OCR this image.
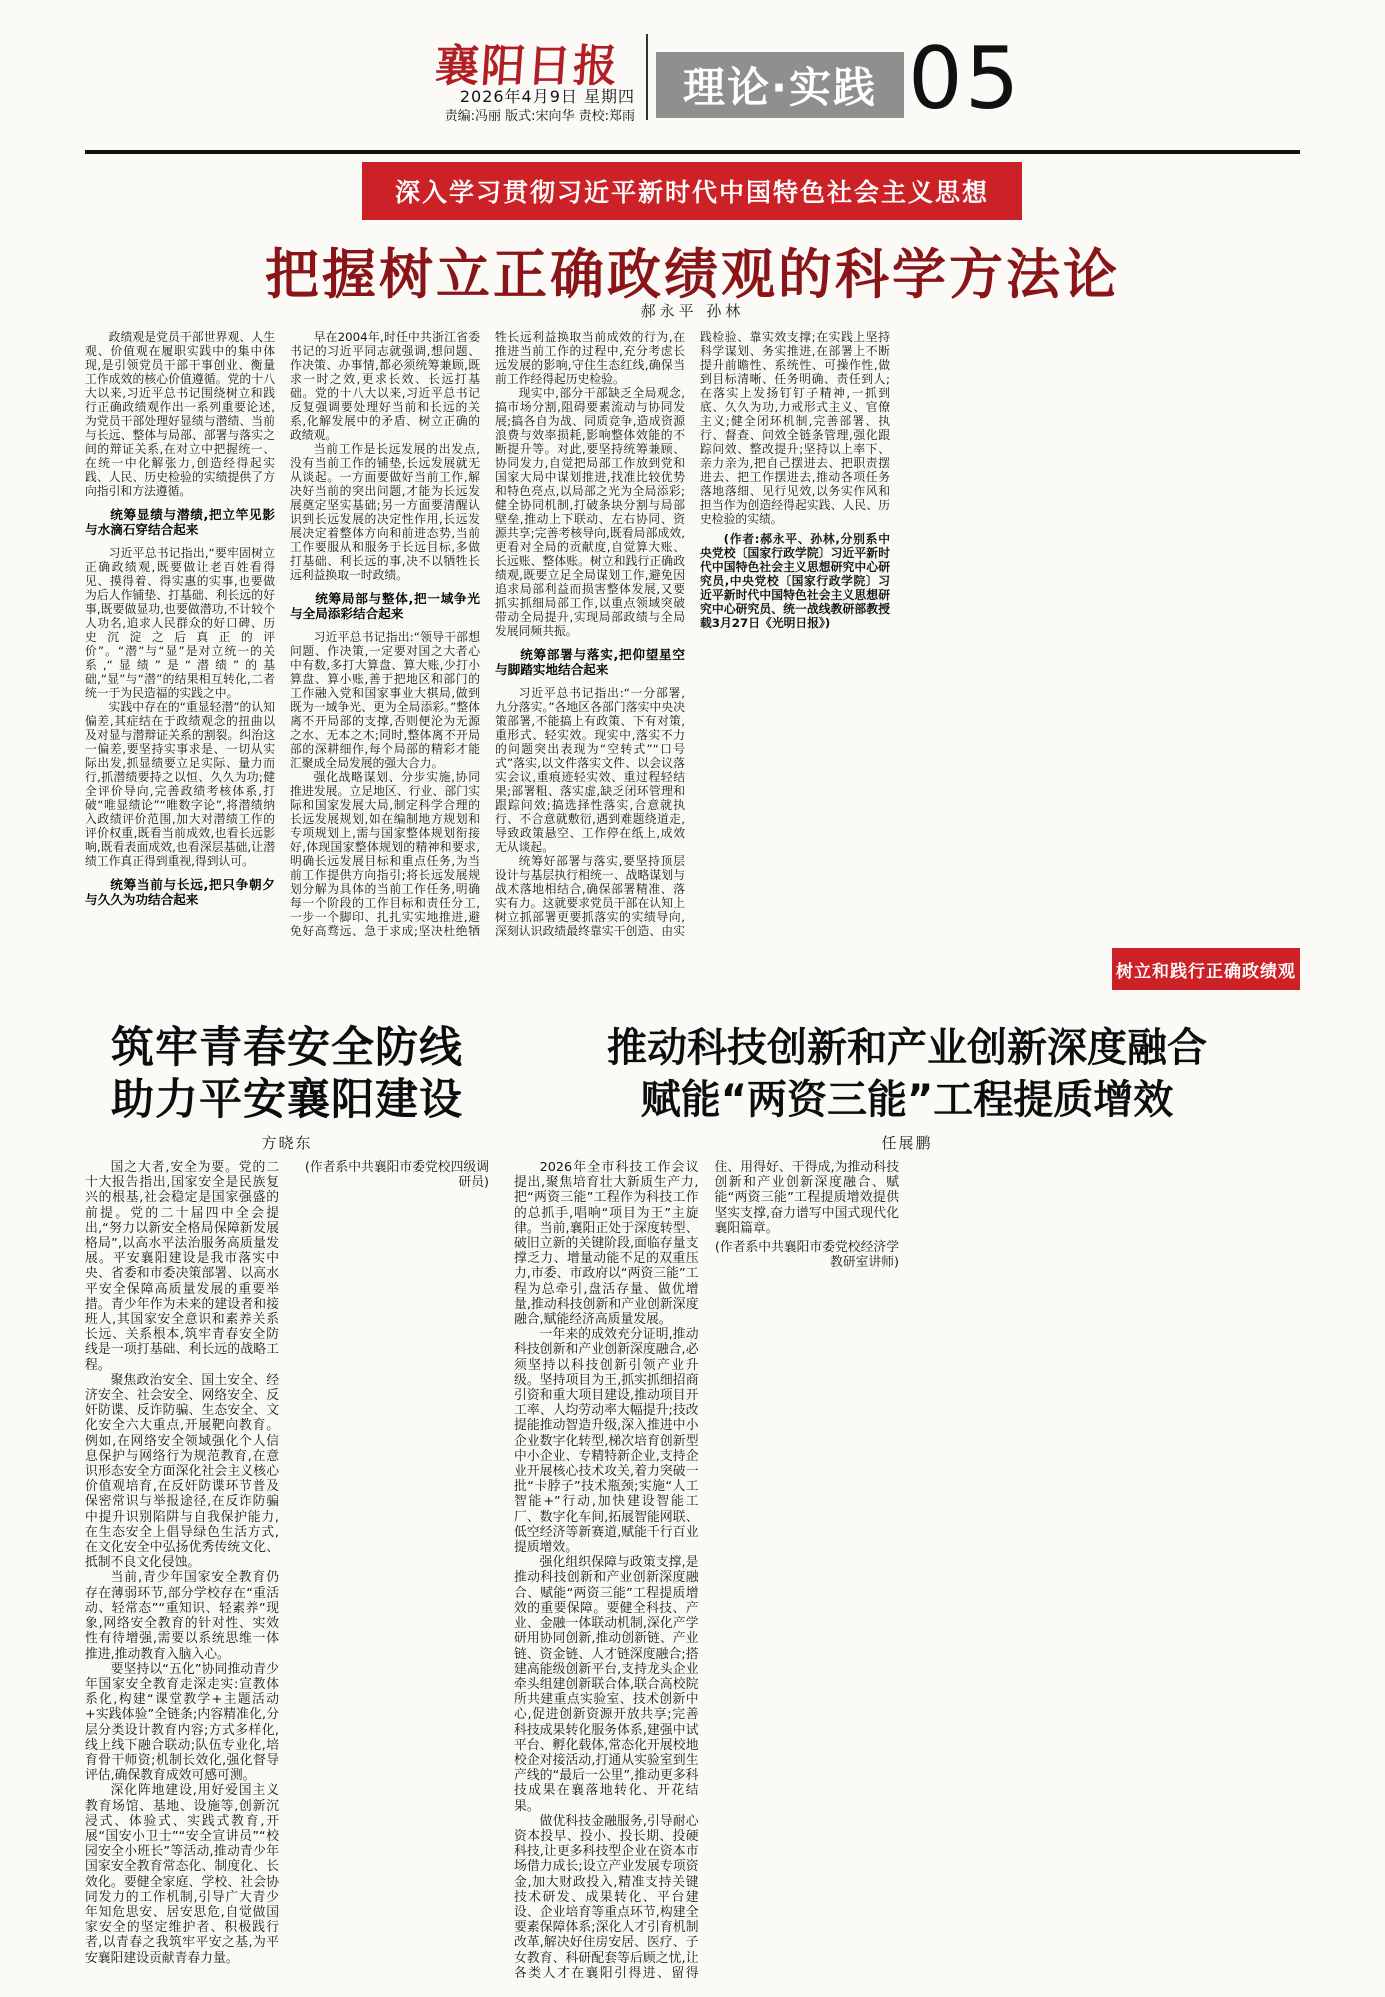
襄阳日报
2026年4月9日 星期四
责编:冯丽 版式:宋向华 责校:郑雨
理论·实践 05
深入学习贯彻习近平新时代中国特色社会主义思想
把握树立正确政绩观的科学方法论
郝永平 孙林

政绩观是党员干部世界观、人生观、价值观在履职实践中的集中体现,是引领党员干部干事创业、衡量工作成效的核心价值遵循。党的十八大以来,习近平总书记围绕树立和践行正确政绩观作出一系列重要论述,为党员干部处理好显绩与潜绩、当前与长远、整体与局部、部署与落实之间的辩证关系,在对立中把握统一、在统一中化解张力,创造经得起实践、人民、历史检验的实绩提供了方向指引和方法遵循。

统筹显绩与潜绩,把立竿见影与水滴石穿结合起来

习近平总书记指出,“要牢固树立正确政绩观,既要做让老百姓看得见、摸得着、得实惠的实事,也要做为后人作铺垫、打基础、利长远的好事,既要做显功,也要做潜功,不计较个人功名,追求人民群众的好口碑、历史沉淀之后真正的评价”。“潜”与“显”是对立统一的关系,“显绩”是“潜绩”的基础,“显”与“潜”的结果相互转化,二者统一于为民造福的实践之中。

实践中存在的“重显轻潜”的认知偏差,其症结在于政绩观念的扭曲以及对显与潜辩证关系的割裂。纠治这一偏差,要坚持实事求是、一切从实际出发,抓显绩要立足实际、量力而行,抓潜绩要持之以恒、久久为功;健全评价导向,完善政绩考核体系,打破“唯显绩论”“唯数字论”,将潜绩纳入政绩评价范围,加大对潜绩工作的评价权重,既看当前成效,也看长远影响,既看表面成效,也看深层基础,让潜绩工作真正得到重视,得到认可。

统筹当前与长远,把只争朝夕与久久为功结合起来

早在2004年,时任中共浙江省委书记的习近平同志就强调,想问题、作决策、办事情,都必须统筹兼顾,既求一时之效,更求长效、长远打基础。党的十八大以来,习近平总书记反复强调要处理好当前和长远的关系,化解发展中的矛盾、树立正确的政绩观。

当前工作是长远发展的出发点,没有当前工作的铺垫,长远发展就无从谈起。一方面要做好当前工作,解决好当前的突出问题,才能为长远发展奠定坚实基础;另一方面要清醒认识到长远发展的决定性作用,长远发展决定着整体方向和前进态势,当前工作要服从和服务于长远目标,多做打基础、利长远的事,决不以牺牲长远利益换取一时政绩。

统筹局部与整体,把一域争光与全局添彩结合起来

习近平总书记指出:“领导干部想问题、作决策,一定要对国之大者心中有数,多打大算盘、算大账,少打小算盘、算小账,善于把地区和部门的工作融入党和国家事业大棋局,做到既为一域争光、更为全局添彩。”整体离不开局部的支撑,否则便沦为无源之水、无本之木;同时,整体离不开局部的深耕细作,每个局部的精彩才能汇聚成全局发展的强大合力。

强化战略谋划、分步实施,协同推进发展。立足地区、行业、部门实际和国家发展大局,制定科学合理的长远发展规划,如在编制地方规划和专项规划上,需与国家整体规划衔接好,体现国家整体规划的精神和要求,明确长远发展目标和重点任务,为当前工作提供方向指引;将长远发展规划分解为具体的当前工作任务,明确每一个阶段的工作目标和责任分工,一步一个脚印、扎扎实实地推进,避免好高骛远、急于求成;坚决杜绝牺牲长远利益换取当前成效的行为,在推进当前工作的过程中,充分考虑长远发展的影响,守住生态红线,确保当前工作经得起历史检验。

现实中,部分干部缺乏全局观念,搞市场分割,阻碍要素流动与协同发展;搞各自为战、同质竞争,造成资源浪费与效率损耗,影响整体效能的不断提升等。对此,要坚持统筹兼顾、协同发力,自觉把局部工作放到党和国家大局中谋划推进,找准比较优势和特色亮点,以局部之光为全局添彩;健全协同机制,打破条块分割与局部壁垒,推动上下联动、左右协同、资源共享;完善考核导向,既看局部成效,更看对全局的贡献度,自觉算大账、长远账、整体账。树立和践行正确政绩观,既要立足全局谋划工作,避免因追求局部利益而损害整体发展,又要抓实抓细局部工作,以重点领域突破带动全局提升,实现局部政绩与全局发展同频共振。

统筹部署与落实,把仰望星空与脚踏实地结合起来

习近平总书记指出:“一分部署,九分落实。”各地区各部门落实中央决策部署,不能搞上有政策、下有对策,重形式、轻实效。现实中,落实不力的问题突出表现为“空转式”“口号式”落实,以文件落实文件、以会议落实会议,重痕迹轻实效、重过程轻结果;部署粗、落实虚,缺乏闭环管理和跟踪问效;搞选择性落实,合意就执行、不合意就敷衍,遇到难题绕道走,导致政策悬空、工作停在纸上,成效无从谈起。

统筹好部署与落实,要坚持顶层设计与基层执行相统一、战略谋划与战术落地相结合,确保部署精准、落实有力。这就要求党员干部在认知上树立抓部署更要抓落实的实绩导向,深刻认识政绩最终靠实干创造、由实践检验、靠实效支撑;在实践上坚持科学谋划、务实推进,在部署上不断提升前瞻性、系统性、可操作性,做到目标清晰、任务明确、责任到人;在落实上发扬钉钉子精神,一抓到底、久久为功,力戒形式主义、官僚主义;健全闭环机制,完善部署、执行、督查、问效全链条管理,强化跟踪问效、整改提升;坚持以上率下、亲力亲为,把自己摆进去、把职责摆进去、把工作摆进去,推动各项任务落地落细、见行见效,以务实作风和担当作为创造经得起实践、人民、历史检验的实绩。

(作者:郝永平、孙林,分别系中央党校〔国家行政学院〕习近平新时代中国特色社会主义思想研究中心研究员,中央党校〔国家行政学院〕习近平新时代中国特色社会主义思想研究中心研究员、统一战线教研部教授 载3月27日《光明日报》)

树立和践行正确政绩观
筑牢青春安全防线
助力平安襄阳建设
方晓东

国之大者,安全为要。党的二十大报告指出,国家安全是民族复兴的根基,社会稳定是国家强盛的前提。党的二十届四中全会提出,“努力以新安全格局保障新发展格局”,以高水平法治服务高质量发展。平安襄阳建设是我市落实中央、省委和市委决策部署、以高水平安全保障高质量发展的重要举措。青少年作为未来的建设者和接班人,其国家安全意识和素养关系长远、关系根本,筑牢青春安全防线是一项打基础、利长远的战略工程。

聚焦政治安全、国土安全、经济安全、社会安全、网络安全、反奸防谍、反诈防骗、生态安全、文化安全六大重点,开展靶向教育。例如,在网络安全领域强化个人信息保护与网络行为规范教育,在意识形态安全方面深化社会主义核心价值观培育,在反奸防谍环节普及保密常识与举报途径,在反诈防骗中提升识别陷阱与自我保护能力,在生态安全上倡导绿色生活方式,在文化安全中弘扬优秀传统文化、抵制不良文化侵蚀。

当前,青少年国家安全教育仍存在薄弱环节,部分学校存在“重活动、轻常态”“重知识、轻素养”现象,网络安全教育的针对性、实效性有待增强,需要以系统思维一体推进,推动教育入脑入心。

要坚持以“五化”协同推动青少年国家安全教育走深走实:宣教体系化,构建“课堂教学+主题活动+实践体验”全链条;内容精准化,分层分类设计教育内容;方式多样化,线上线下融合联动;队伍专业化,培育骨干师资;机制长效化,强化督导评估,确保教育成效可感可测。

深化阵地建设,用好爱国主义教育场馆、基地、设施等,创新沉浸式、体验式、实践式教育,开展“国安小卫士”“安全宣讲员”“校园安全小班长”等活动,推动青少年国家安全教育常态化、制度化、长效化。要健全家庭、学校、社会协同发力的工作机制,引导广大青少年知危思安、居安思危,自觉做国家安全的坚定维护者、积极践行者,以青春之我筑牢平安之基,为平安襄阳建设贡献青春力量。

(作者系中共襄阳市委党校四级调研员)

推动科技创新和产业创新深度融合
赋能“两资三能”工程提质增效
任展鹏

2026年全市科技工作会议提出,聚焦培育壮大新质生产力,把“两资三能”工程作为科技工作的总抓手,唱响“项目为王”主旋律。当前,襄阳正处于深度转型、破旧立新的关键阶段,面临存量支撑乏力、增量动能不足的双重压力,市委、市政府以“两资三能”工程为总牵引,盘活存量、做优增量,推动科技创新和产业创新深度融合,赋能经济高质量发展。

一年来的成效充分证明,推动科技创新和产业创新深度融合,必须坚持以科技创新引领产业升级。坚持项目为王,抓实抓细招商引资和重大项目建设,推动项目开工率、人均劳动率大幅提升;技改提能推动智造升级,深入推进中小企业数字化转型,梯次培育创新型中小企业、专精特新企业,支持企业开展核心技术攻关,着力突破一批“卡脖子”技术瓶颈;实施“人工智能+”行动,加快建设智能工厂、数字化车间,拓展智能网联、低空经济等新赛道,赋能千行百业提质增效。

强化组织保障与政策支撑,是推动科技创新和产业创新深度融合、赋能“两资三能”工程提质增效的重要保障。要健全科技、产业、金融一体联动机制,深化产学研用协同创新,推动创新链、产业链、资金链、人才链深度融合;搭建高能级创新平台,支持龙头企业牵头组建创新联合体,联合高校院所共建重点实验室、技术创新中心,促进创新资源开放共享;完善科技成果转化服务体系,建强中试平台、孵化载体,常态化开展校地校企对接活动,打通从实验室到生产线的“最后一公里”,推动更多科技成果在襄落地转化、开花结果。

做优科技金融服务,引导耐心资本投早、投小、投长期、投硬科技,让更多科技型企业在资本市场借力成长;设立产业发展专项资金,加大财政投入,精准支持关键技术研发、成果转化、平台建设、企业培育等重点环节,构建全要素保障体系;深化人才引育机制改革,解决好住房安居、医疗、子女教育、科研配套等后顾之忧,让各类人才在襄阳引得进、留得住、用得好、干得成,为推动科技创新和产业创新深度融合、赋能“两资三能”工程提质增效提供坚实支撑,奋力谱写中国式现代化襄阳篇章。

(作者系中共襄阳市委党校经济学教研室讲师)
